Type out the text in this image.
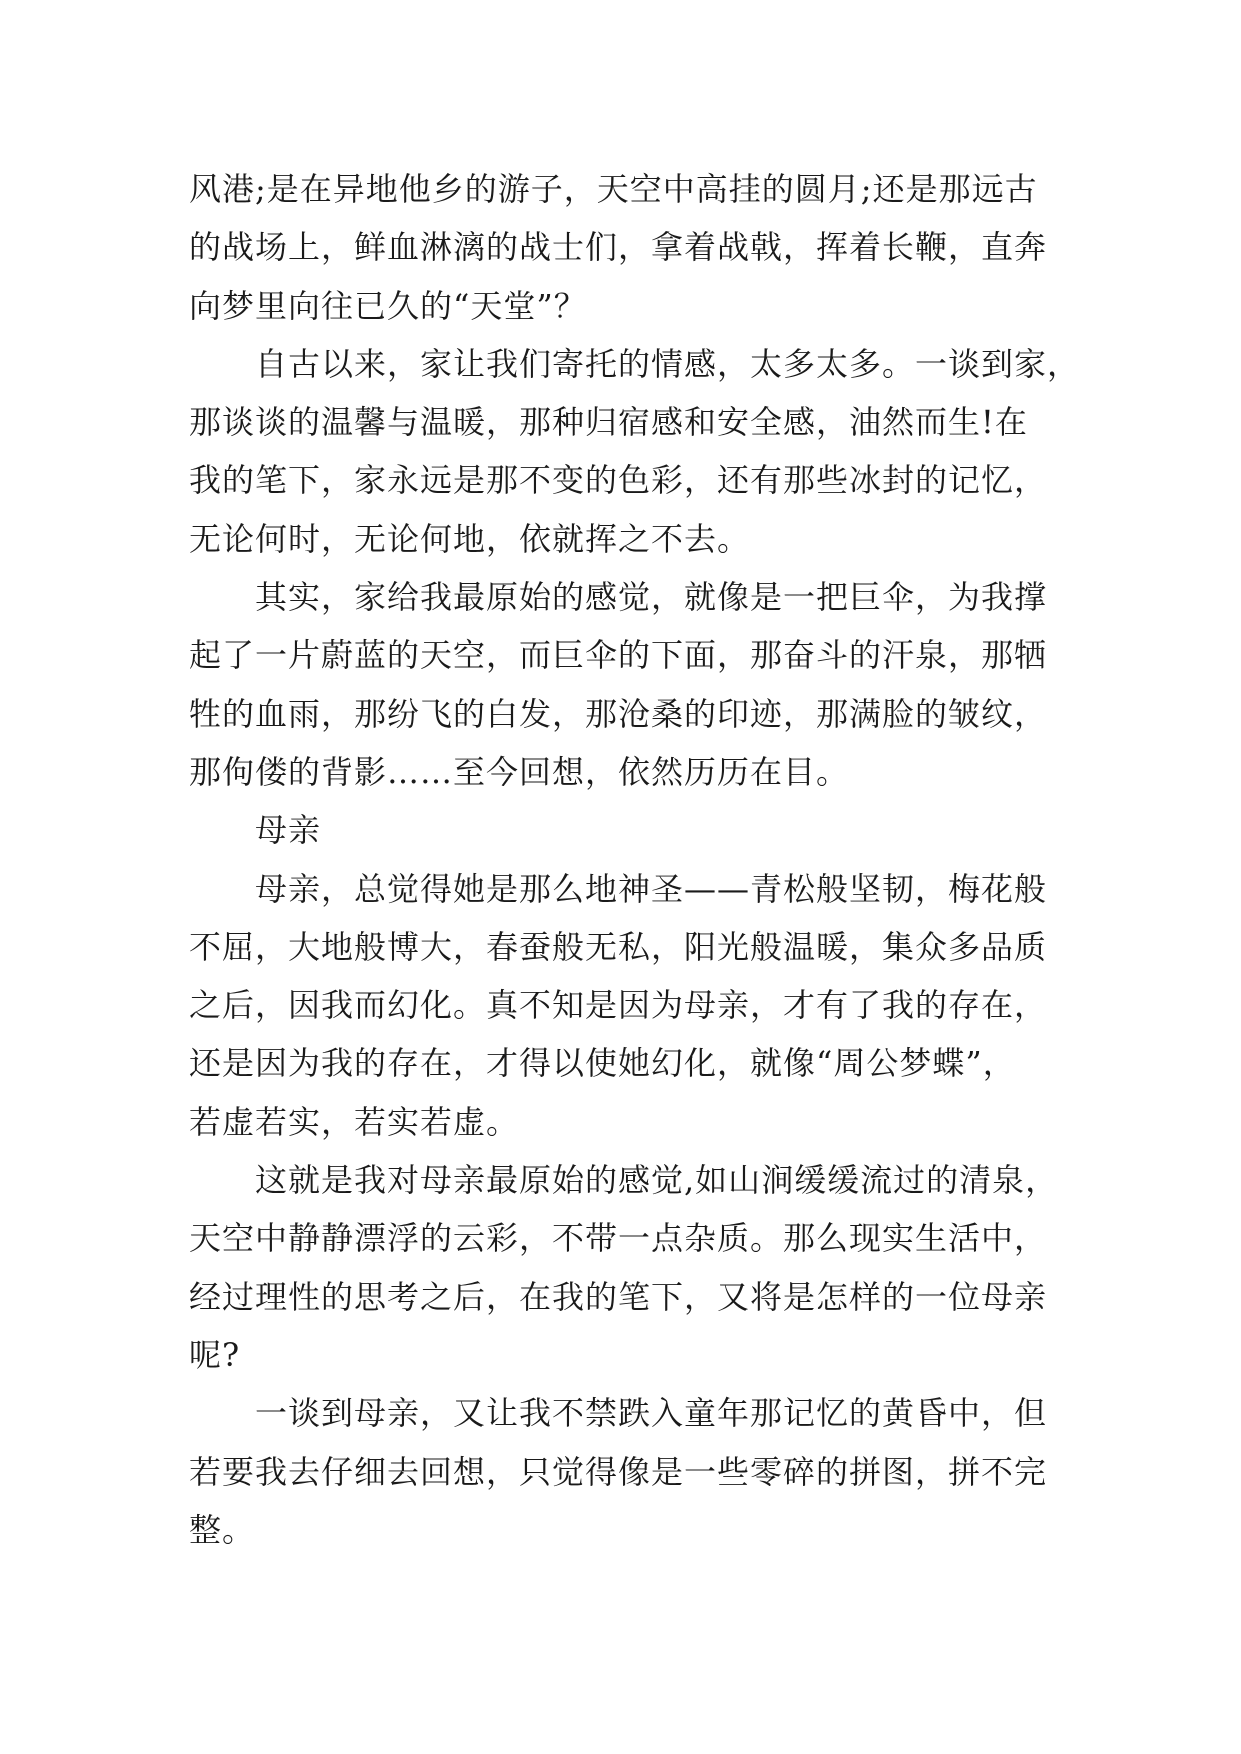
风港;是在异地他乡的游子，天空中高挂的圆月;还是那远古
的战场上，鲜血淋漓的战士们，拿着战戟，挥着长鞭，直奔
向梦里向往已久的“天堂”？
自古以来，家让我们寄托的情感，太多太多。一谈到家，
那谈谈的温馨与温暖，那种归宿感和安全感，油然而生!在
我的笔下，家永远是那不变的色彩，还有那些冰封的记忆，
无论何时，无论何地，依就挥之不去。
其实，家给我最原始的感觉，就像是一把巨伞，为我撑
起了一片蔚蓝的天空，而巨伞的下面，那奋斗的汗泉，那牺
牲的血雨，那纷飞的白发，那沧桑的印迹，那满脸的皱纹，
那佝偻的背影……至今回想，依然历历在目。
母亲
母亲，总觉得她是那么地神圣——青松般坚韧，梅花般
不屈，大地般博大，春蚕般无私，阳光般温暖，集众多品质
之后，因我而幻化。真不知是因为母亲，才有了我的存在，
还是因为我的存在，才得以使她幻化，就像“周公梦蝶”，
若虚若实，若实若虚。
这就是我对母亲最原始的感觉,如山涧缓缓流过的清泉，
天空中静静漂浮的云彩，不带一点杂质。那么现实生活中，
经过理性的思考之后，在我的笔下，又将是怎样的一位母亲
呢?
一谈到母亲，又让我不禁跌入童年那记忆的黄昏中，但
若要我去仔细去回想，只觉得像是一些零碎的拼图，拼不完
整。
